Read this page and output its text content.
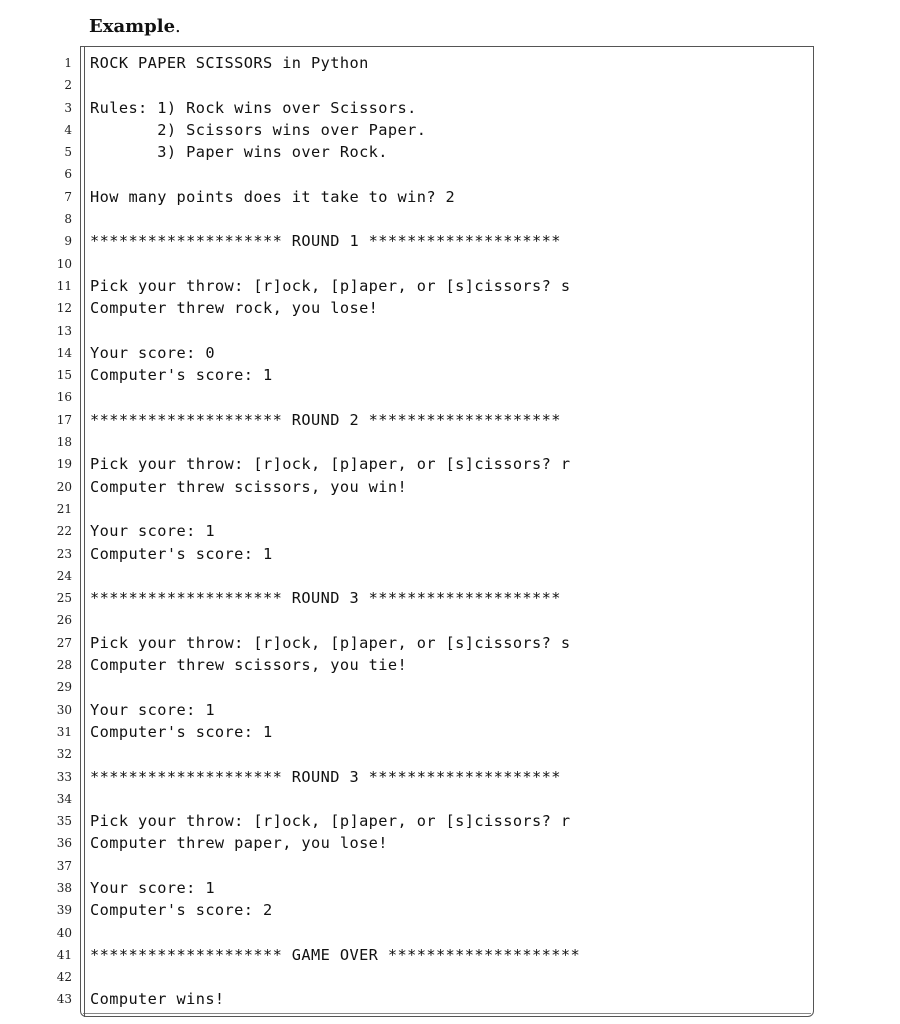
Example.
1 ROCK PAPER SCISSORS in Python
2
3 Rules: 1) Rock wins over Scissors.
4 2) Scissors wins over Paper.
5 3) Paper wins over Rock.
6
7 How many points does it take to win? 2
8
9 ******************** ROUND 1 ********************
10
11 Pick your throw: [r]ock, [p]aper, or [s]cissors? s
12 Computer threw rock, you lose!
13
14 Your score: 0
15 Computer's score: 1
16
17 ******************** ROUND 2 ********************
18
19 Pick your throw: [r]ock, [p]aper, or [s]cissors? r
20 Computer threw scissors, you win!
21
22 Your score: 1
23 Computer's score: 1
24
25 ******************** ROUND 3 ********************
26
27 Pick your throw: [r]ock, [p]aper, or [s]cissors? s
28 Computer threw scissors, you tie!
29
30 Your score: 1
31 Computer's score: 1
32
33 ******************** ROUND 3 ********************
34
35 Pick your throw: [r]ock, [p]aper, or [s]cissors? r
36 Computer threw paper, you lose!
37
38 Your score: 1
39 Computer's score: 2
40
41 ******************** GAME OVER ********************
42
43 Computer wins!
